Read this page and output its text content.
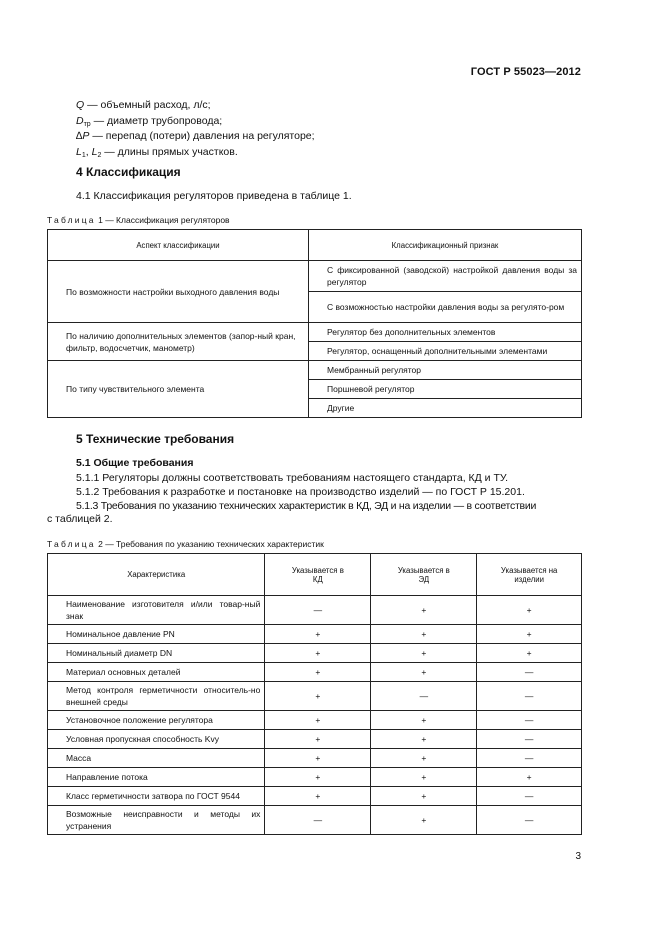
ГОСТ Р 55023—2012
Q — объемный расход, л/с;
$D_{тр}$ — диаметр трубопровода;
∆P — перепад (потери) давления на регуляторе;
$L_1$, $L_2$ — длины прямых участков.
4 Классификация
4.1 Классификация регуляторов приведена в таблице 1.
Таблица 1 — Классификация регуляторов
Аспект классификации	Классификационный признак
По возможности настройки выходного давления воды	С фиксированной (заводской) настройкой давления воды за регулятор
	С возможностью настройки давления воды за регулято-ром
По наличию дополнительных элементов (запор-ный кран, фильтр, водосчетчик, манометр)	Регулятор без дополнительных элементов
	Регулятор, оснащенный дополнительными элементами
По типу чувствительного элемента	Мембранный регулятор
	Поршневой регулятор
	Другие
5 Технические требования
5.1 Общие требования
5.1.1 Регуляторы должны соответствовать требованиям настоящего стандарта, КД и ТУ.
5.1.2 Требования к разработке и постановке на производство изделий — по ГОСТ Р 15.201.
5.1.3 Требования по указанию технических характеристик в КД, ЭД и на изделии — в соответствии
с таблицей 2.
Таблица 2 — Требования по указанию технических характеристик
Характеристика	Указывается в КД	Указывается в ЭД	Указывается на изделии
Наименование изготовителя и/или товар-ный знак	—	+	+
Номинальное давление PN	+	+	+
Номинальный диаметр DN	+	+	+
Материал основных деталей	+	+	—
Метод контроля герметичности относитель-но внешней среды	+	—	—
Установочное положение регулятора	+	+	—
Условная пропускная способность Kvy	+	+	—
Масса	+	+	—
Направление потока	+	+	+
Класс герметичности затвора по ГОСТ 9544	+	+	—
Возможные неисправности и методы их устранения	—	+	—
3
